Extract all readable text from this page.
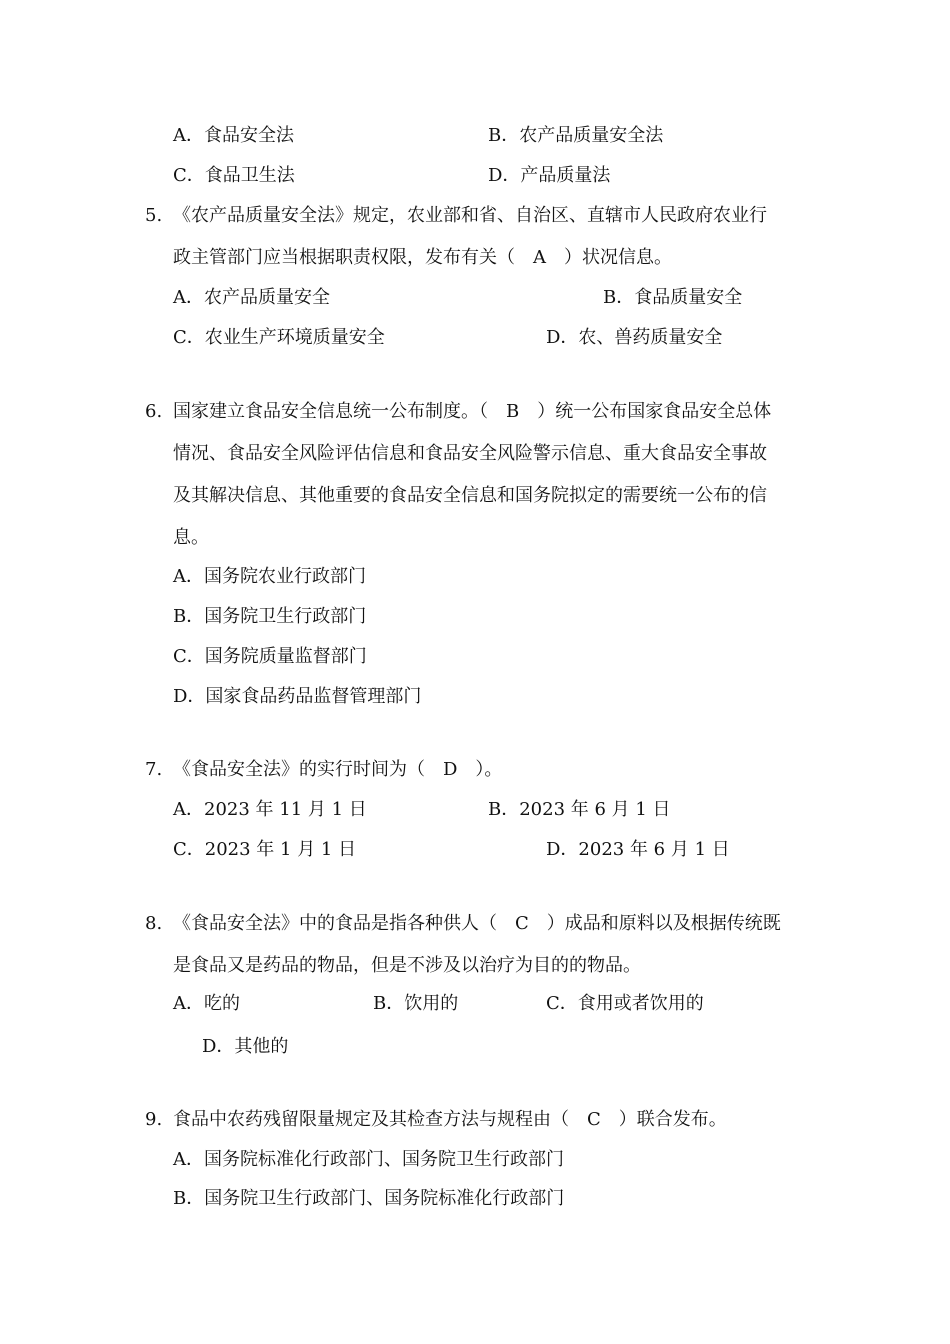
A．食品安全法	B．农产品质量安全法
C．食品卫生法	D．产品质量法
5. 《农产品质量安全法》规定，农业部和省、自治区、直辖市人民政府农业行
政主管部门应当根据职责权限，发布有关（　A　）状况信息。
A．农产品质量安全	B．食品质量安全
C．农业生产环境质量安全	D．农、兽药质量安全
6. 国家建立食品安全信息统一公布制度。（　B　）统一公布国家食品安全总体
情况、食品安全风险评估信息和食品安全风险警示信息、重大食品安全事故
及其解决信息、其他重要的食品安全信息和国务院拟定的需要统一公布的信
息。
A．国务院农业行政部门
B．国务院卫生行政部门
C．国务院质量监督部门
D．国家食品药品监督管理部门
7. 《食品安全法》的实行时间为（　D　）。
A．2023 年 11 月 1 日	B．2023 年 6 月 1 日
C．2023 年 1 月 1 日	D．2023 年 6 月 1 日
8. 《食品安全法》中的食品是指各种供人（　C　）成品和原料以及根据传统既
是食品又是药品的物品，但是不涉及以治疗为目的的物品。
A．吃的	B．饮用的	C．食用或者饮用的
D．其他的
9. 食品中农药残留限量规定及其检查方法与规程由（　C　）联合发布。
A．国务院标准化行政部门、国务院卫生行政部门
B．国务院卫生行政部门、国务院标准化行政部门
